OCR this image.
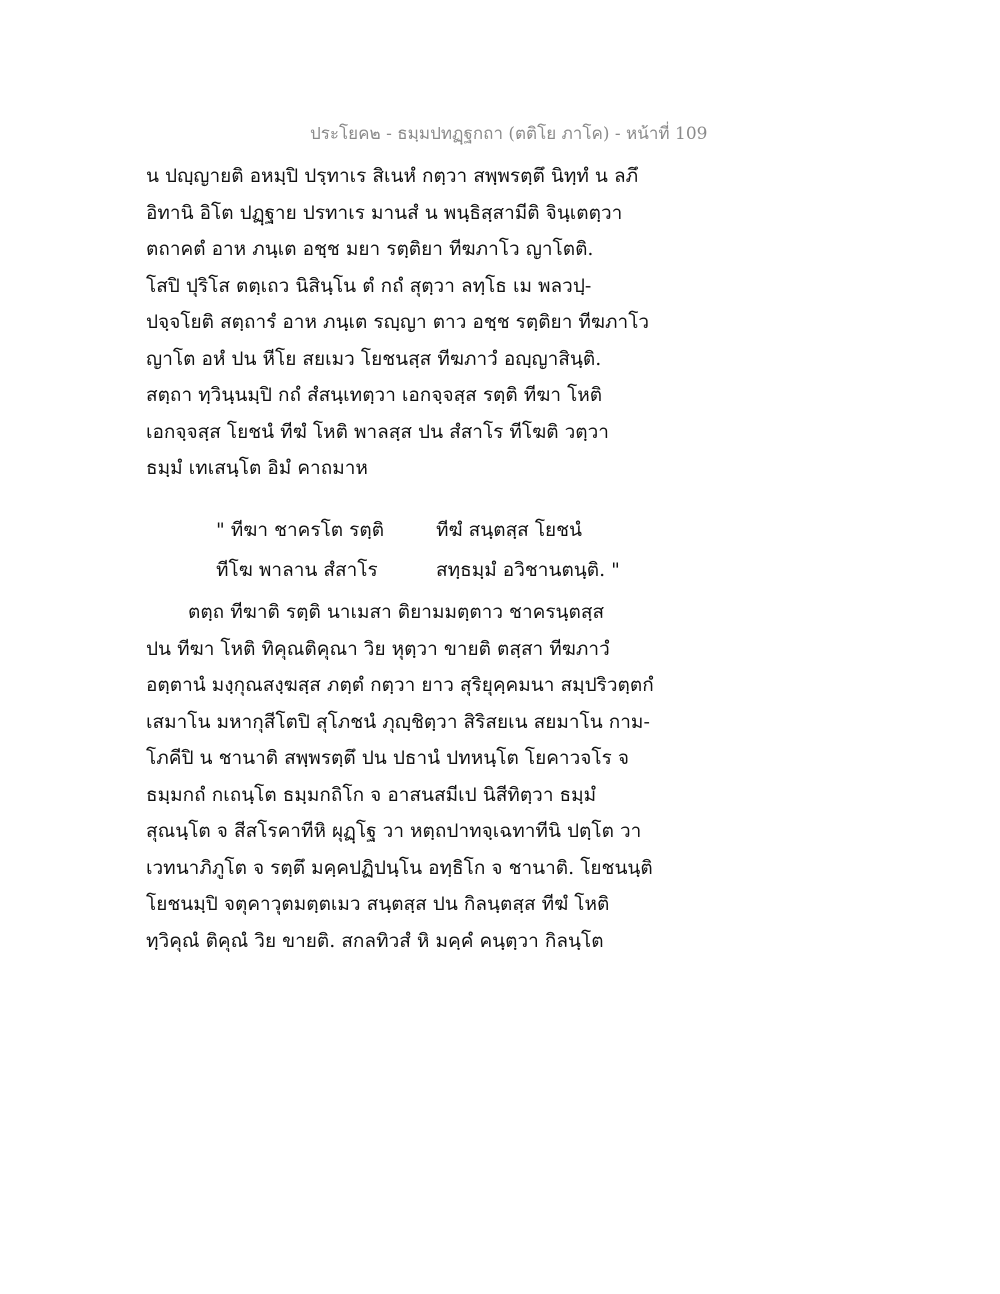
ประโยค๒ - ธมฺมปทฏฺฐกถา (ตติโย ภาโค) - หน้าที่ 109
น ปญฺญายติ อหมฺปิ ปรฺทาเร สิเนหํ กตฺวา สพฺพรตฺตึ นิทฺทํ น ลภึ
อิทานิ อิโต ปฏฺฐาย ปรทาเร มานสํ น พนฺธิสฺสามีติ จินฺเตตฺวา
ตถาคตํ อาห ภนฺเต อชฺช มยา รตฺติยา ทีฆภาโว ญาโตติ.
โสปิ ปุริโส ตตฺเถว นิสินฺโน ตํ กถํ สุตฺวา ลทฺโธ เม พลวปฺ-
ปจฺจโยติ สตฺถารํ อาห ภนฺเต รญฺญา ตาว อชฺช รตฺติยา ทีฆภาโว
ญาโต อหํ ปน หีโย สยเมว โยชนสฺส ทีฆภาวํ อญฺญาสินฺติ.
สตฺถา ทฺวินฺนมฺปิ กถํ สํสนฺเทตฺวา เอกจฺจสฺส รตฺติ ทีฆา โหติ
เอกจฺจสฺส โยชนํ ทีฆํ โหติ พาลสฺส ปน สํสาโร ทีโฆติ วตฺวา
ธมฺมํ เทเสนฺโต อิมํ คาถมาห
" ทีฆา ชาครโต รตฺติ	ทีฆํ สนฺตสฺส โยชนํ
ทีโฆ พาลาน สํสาโร	สทฺธมฺมํ อวิชานตนฺติ. "
ตตฺถ ทีฆาติ รตฺติ นาเมสา ติยามมตฺตาว ชาครนฺตสฺส
ปน ทีฆา โหติ ทิคุณติคุณา วิย หุตฺวา ขายติ ตสฺสา ทีฆภาวํ
อตฺตานํ มงฺกุณสงฺฆสฺส ภตฺตํ กตฺวา ยาว สุริยุคฺคมนา สมฺปริวตฺตกํ
เสมาโน มหากุสีโตปิ สุโภชนํ ภุญฺชิตฺวา สิริสยเน สยมาโน กาม-
โภคีปิ น ชานาติ สพฺพรตฺตึ ปน ปธานํ ปทหนฺโต โยคาวจโร จ
ธมฺมกถํ กเถนฺโต ธมฺมกถิโก จ อาสนสมีเป นิสีทิตฺวา ธมฺมํ
สุณนฺโต จ สีสโรคาทีหิ ผุฏฺโฐ วา หตฺถปาทจฺเฉทาทีนิ ปตฺโต วา
เวทนาภิภูโต จ รตฺตึ มคฺคปฏิปนฺโน อทฺธิโก จ ชานาติ. โยชนนฺติ
โยชนมฺปิ จตุคาวุตมตฺตเมว สนฺตสฺส ปน กิลนฺตสฺส ทีฆํ โหติ
ทฺวิคุณํ ติคุณํ วิย ขายติ. สกลทิวสํ หิ มคฺคํ คนฺตฺวา กิลนฺโต
